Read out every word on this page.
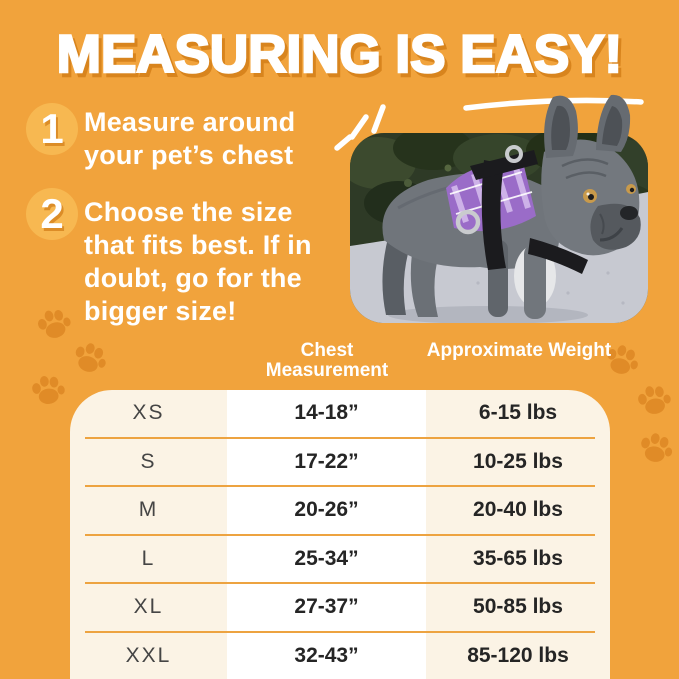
MEASURING IS EASY!
1 Measure around your pet’s chest

2 Choose the size that fits best. If in doubt, go for the bigger size!

Chest Measurement
Approximate Weight
XS	14-18”	6-15 lbs
S	17-22”	10-25 lbs
M	20-26”	20-40 lbs
L	25-34”	35-65 lbs
XL	27-37”	50-85 lbs
XXL	32-43”	85-120 lbs
